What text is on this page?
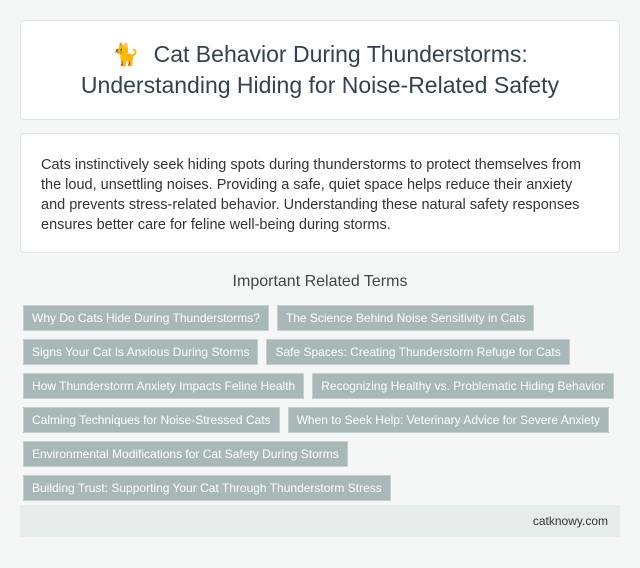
🐈 Cat Behavior During Thunderstorms: Understanding Hiding for Noise-Related Safety

Cats instinctively seek hiding spots during thunderstorms to protect themselves from the loud, unsettling noises. Providing a safe, quiet space helps reduce their anxiety and prevents stress-related behavior. Understanding these natural safety responses ensures better care for feline well-being during storms.

Important Related Terms
Why Do Cats Hide During Thunderstorms?	The Science Behind Noise Sensitivity in Cats
Signs Your Cat Is Anxious During Storms	Safe Spaces: Creating Thunderstorm Refuge for Cats
How Thunderstorm Anxiety Impacts Feline Health	Recognizing Healthy vs. Problematic Hiding Behavior
Calming Techniques for Noise-Stressed Cats	When to Seek Help: Veterinary Advice for Severe Anxiety
Environmental Modifications for Cat Safety During Storms
Building Trust: Supporting Your Cat Through Thunderstorm Stress
catknowy.com
